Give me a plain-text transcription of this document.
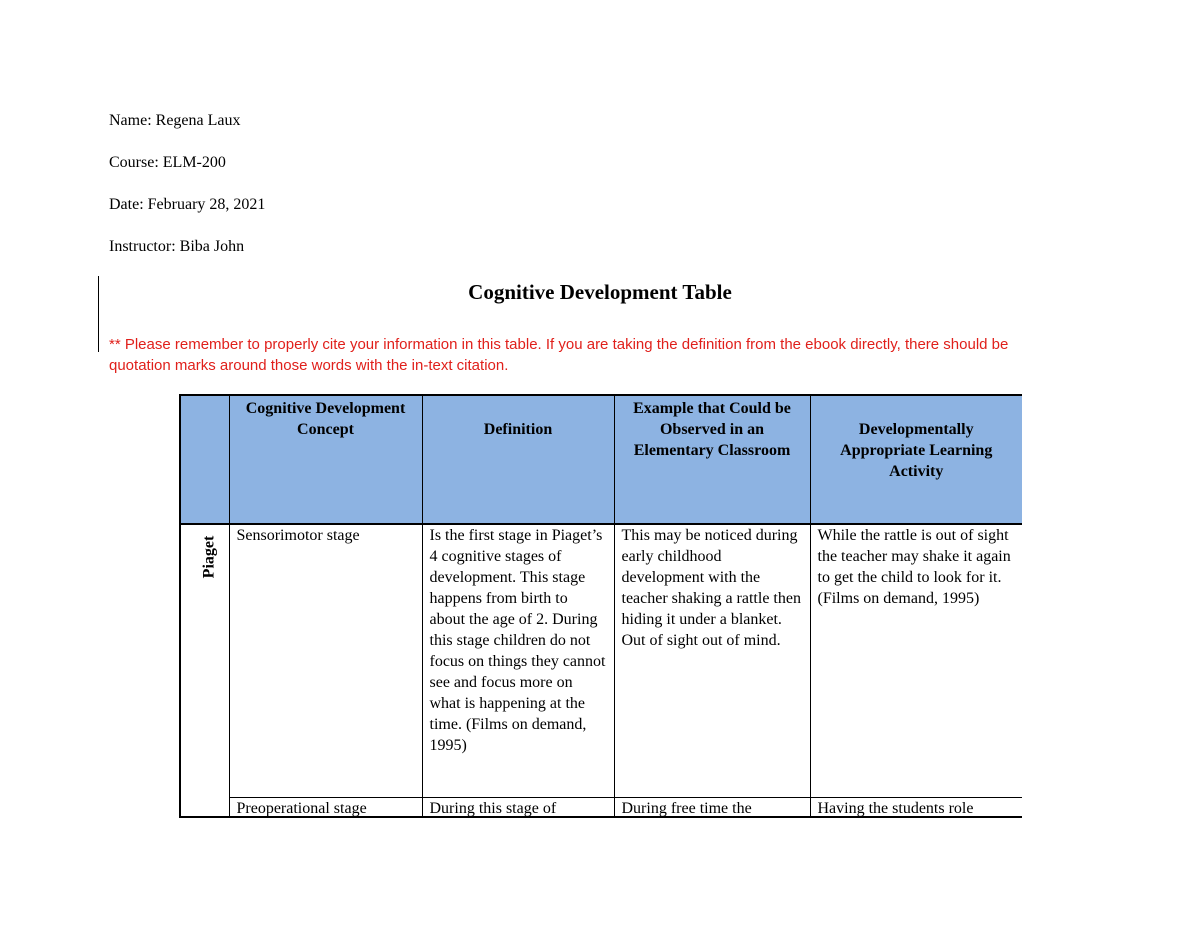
Name: Regena Laux
Course: ELM-200
Date: February 28, 2021
Instructor: Biba John
Cognitive Development Table
** Please remember to properly cite your information in this table. If you are taking the definition from the ebook directly, there should be quotation marks around those words with the in-text citation.

	Cognitive Development Concept	Definition	Example that Could be Observed in an Elementary Classroom	Developmentally Appropriate Learning Activity

Piaget	Sensorimotor stage	Is the first stage in Piaget’s 4 cognitive stages of development. This stage happens from birth to about the age of 2. During this stage children do not focus on things they cannot see and focus more on what is happening at the time. (Films on demand, 1995)	This may be noticed during early childhood development with the teacher shaking a rattle then hiding it under a blanket. Out of sight out of mind.	While the rattle is out of sight the teacher may shake it again to get the child to look for it. (Films on demand, 1995)
	Preoperational stage	During this stage of	During free time the	Having the students role
